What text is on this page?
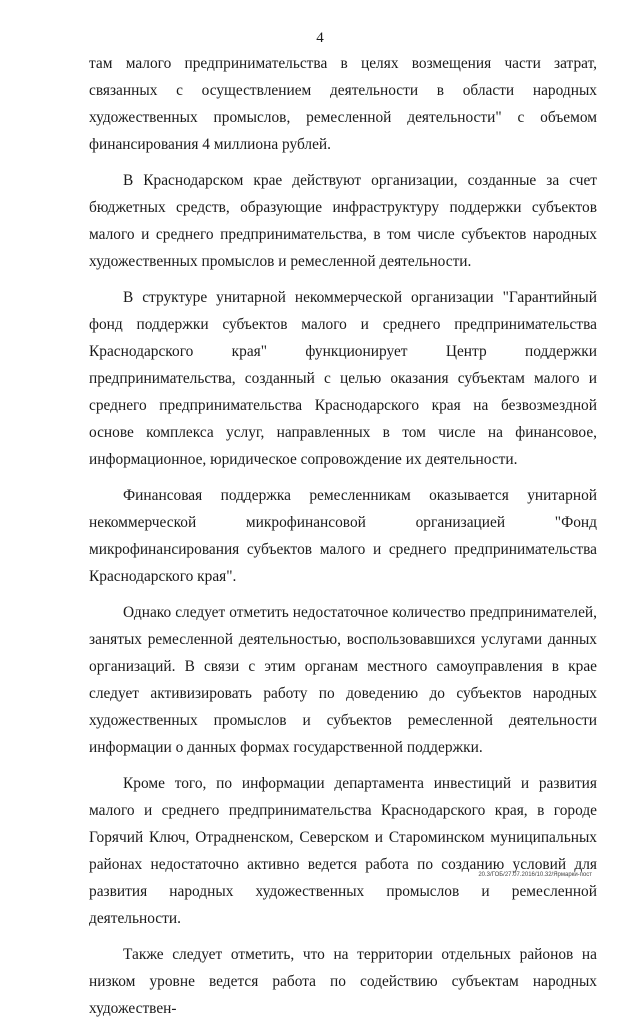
4

там малого предпринимательства в целях возмещения части затрат, связанных с осуществлением деятельности в области народных художественных промыслов, ремесленной деятельности" с объемом финансирования 4 миллиона рублей.

В Краснодарском крае действуют организации, созданные за счет бюджетных средств, образующие инфраструктуру поддержки субъектов малого и среднего предпринимательства, в том числе субъектов народных художественных промыслов и ремесленной деятельности.

В структуре унитарной некоммерческой организации "Гарантийный фонд поддержки субъектов малого и среднего предпринимательства Краснодарского края" функционирует Центр поддержки предпринимательства, созданный с целью оказания субъектам малого и среднего предпринимательства Краснодарского края на безвозмездной основе комплекса услуг, направленных в том числе на финансовое, информационное, юридическое сопровождение их деятельности.

Финансовая поддержка ремесленникам оказывается унитарной некоммерческой микрофинансовой организацией "Фонд микрофинансирования субъектов малого и среднего предпринимательства Краснодарского края".

Однако следует отметить недостаточное количество предпринимателей, занятых ремесленной деятельностью, воспользовавшихся услугами данных организаций. В связи с этим органам местного самоуправления в крае следует активизировать работу по доведению до субъектов народных художественных промыслов и субъектов ремесленной деятельности информации о данных формах государственной поддержки.

Кроме того, по информации департамента инвестиций и развития малого и среднего предпринимательства Краснодарского края, в городе Горячий Ключ, Отрадненском, Северском и Староминском муниципальных районах недостаточно активно ведется работа по созданию условий для развития народных художественных промыслов и ремесленной деятельности.

Также следует отметить, что на территории отдельных районов на низком уровне ведется работа по содействию субъектам народных художествен-

20.3/ГОБ/27.07.2016/10.32/Ярмарки-пост
